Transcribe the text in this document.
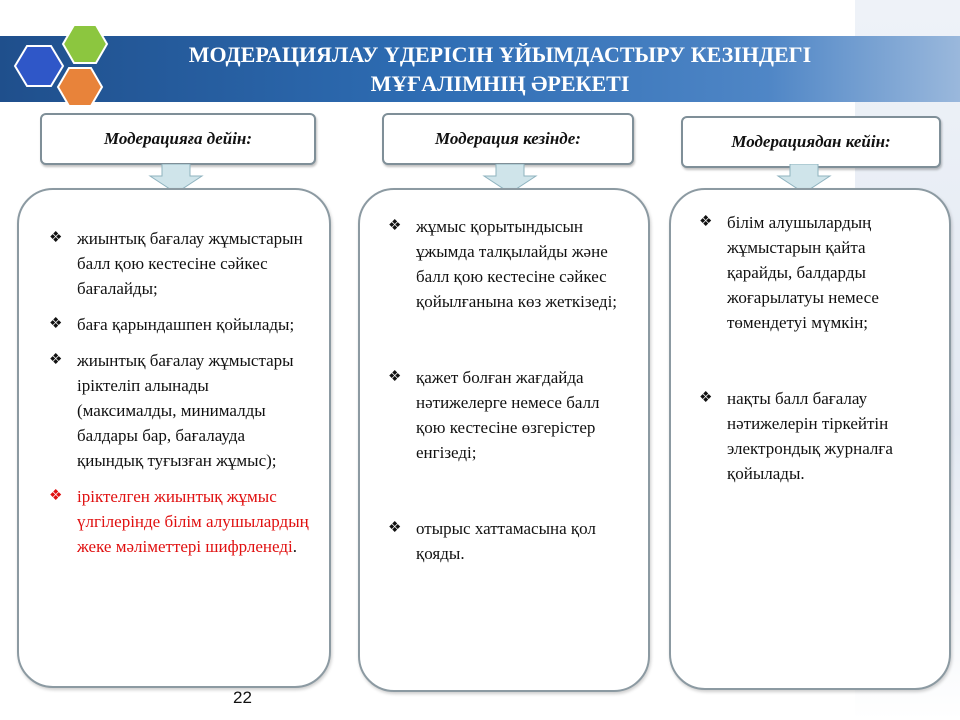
МОДЕРАЦИЯЛАУ ҮДЕРІСІН ҰЙЫМДАСТЫРУ КЕЗІНДЕГІ
МҰҒАЛІМНІҢ ӘРЕКЕТІ
Модерацияға дейін:
❖ жиынтық бағалау жұмыстарын балл қою кестесіне сәйкес бағалайды;
❖ баға қарындашпен қойылады;
❖ жиынтық бағалау жұмыстары іріктеліп алынады (максималды, минималды балдары бар, бағалауда қиындық туғызған жұмыс);
❖ іріктелген жиынтық жұмыс үлгілерінде білім алушылардың жеке мәліметтері шифрленеді.
Модерация кезінде:
❖ жұмыс қорытындысын ұжымда талқылайды және балл қою кестесіне сәйкес қойылғанына көз жеткізеді;
❖ қажет болған жағдайда нәтижелерге немесе балл қою кестесіне өзгерістер енгізеді;
❖ отырыс хаттамасына қол қояды.
Модерациядан кейін:
❖ білім алушылардың жұмыстарын қайта қарайды, балдарды жоғарылатуы немесе төмендетуі мүмкін;
❖ нақты балл бағалау нәтижелерін тіркейтін электрондық журналға қойылады.
22
